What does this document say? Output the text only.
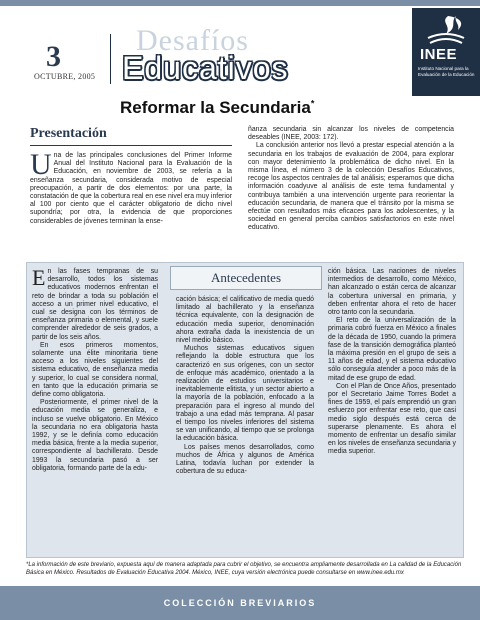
3
OCTUBRE, 2005
Desafíos
Educativos	INEE
Instituto Nacional para la Evaluación de la Educación
Reformar la Secundaria*
Presentación
U na de las principales conclusiones del Primer Informe Anual del Instituto Nacional para la Evaluación de la Educación, en noviembre de 2003, se refería a la enseñanza secundaria, considerada motivo de especial preocupación, a partir de dos elementos: por una parte, la constatación de que la cobertura real en ese nivel era muy inferior al 100 por ciento que el carácter obligatorio de dicho nivel supondría; por otra, la evidencia de que proporciones considerables de jóvenes terminan la ense-

ñanza secundaria sin alcanzar los niveles de competencia deseables (INEE, 2003: 172).

La conclusión anterior nos llevó a prestar especial atención a la secundaria en los trabajos de evaluación de 2004, para explorar con mayor detenimiento la problemática de dicho nivel. En la misma línea, el número 3 de la colección Desafíos Educativos, recoge los aspectos centrales de tal análisis; esperamos que dicha información coadyuve al análisis de este tema fundamental y contribuya también a una intervención urgente para reorientar la educación secundaria, de manera que el tránsito por la misma se efectúe con resultados más eficaces para los adolescentes, y la sociedad en general perciba cambios satisfactorios en este nivel educativo.

Antecedentes
E n las fases tempranas de su desarrollo, todos los sistemas educativos modernos enfrentan el reto de brindar a toda su población el acceso a un primer nivel educativo, el cual se designa con los términos de enseñanza primaria o elemental, y suele comprender alrededor de seis grados, a partir de los seis años.

En esos primeros momentos, solamente una élite minoritaria tiene acceso a los niveles siguientes del sistema educativo, de enseñanza media y superior, lo cual se considera normal, en tanto que la educación primaria se define como obligatoria.

Posteriormente, el primer nivel de la educación media se generaliza, e incluso se vuelve obligatorio. En México la secundaria no era obligatoria hasta 1992, y se le definía como educación media básica, frente a la media superior, correspondiente al bachillerato. Desde 1993 la secundaria pasó a ser obligatoria, formando parte de la edu-

cación básica; el calificativo de media quedó limitado al bachillerato y la enseñanza técnica equivalente, con la designación de educación media superior, denominación ahora extraña dada la inexistencia de un nivel medio básico.

Muchos sistemas educativos siguen reflejando la doble estructura que los caracterizó en sus orígenes, con un sector de enfoque más académico, orientado a la realización de estudios universitarios e inevitablemente elitista, y un sector abierto a la mayoría de la población, enfocado a la preparación para el ingreso al mundo del trabajo a una edad más temprana. Al pasar el tiempo los niveles inferiores del sistema se van unificando, al tiempo que se prolonga la educación básica.

Los países menos desarrollados, como muchos de África y algunos de América Latina, todavía luchan por extender la cobertura de su educa-

ción básica. Las naciones de niveles intermedios de desarrollo, como México, han alcanzado o están cerca de alcanzar la cobertura universal en primaria, y deben enfrentar ahora el reto de hacer otro tanto con la secundaria.

El reto de la universalización de la primaria cobró fuerza en México a finales de la década de 1950, cuando la primera fase de la transición demográfica planteó la máxima presión en el grupo de seis a 11 años de edad, y el sistema educativo sólo conseguía atender a poco más de la mitad de ese grupo de edad.

Con el Plan de Once Años, presentado por el Secretario Jaime Torres Bodet a fines de 1959, el país emprendió un gran esfuerzo por enfrentar ese reto, que casi medio siglo después está cerca de superarse plenamente. Es ahora el momento de enfrentar un desafío similar en los niveles de enseñanza secundaria y media superior.

*La información de este breviario, expuesta aquí de manera adaptada para cubrir el objetivo, se encuentra ampliamente desarrollada en La calidad de la Educación Básica en México. Resultados de Evaluación Educativa 2004. México, INEE, cuya versión electrónica puede consultarse en www.inee.edu.mx
COLECCIÓN BREVIARIOS
